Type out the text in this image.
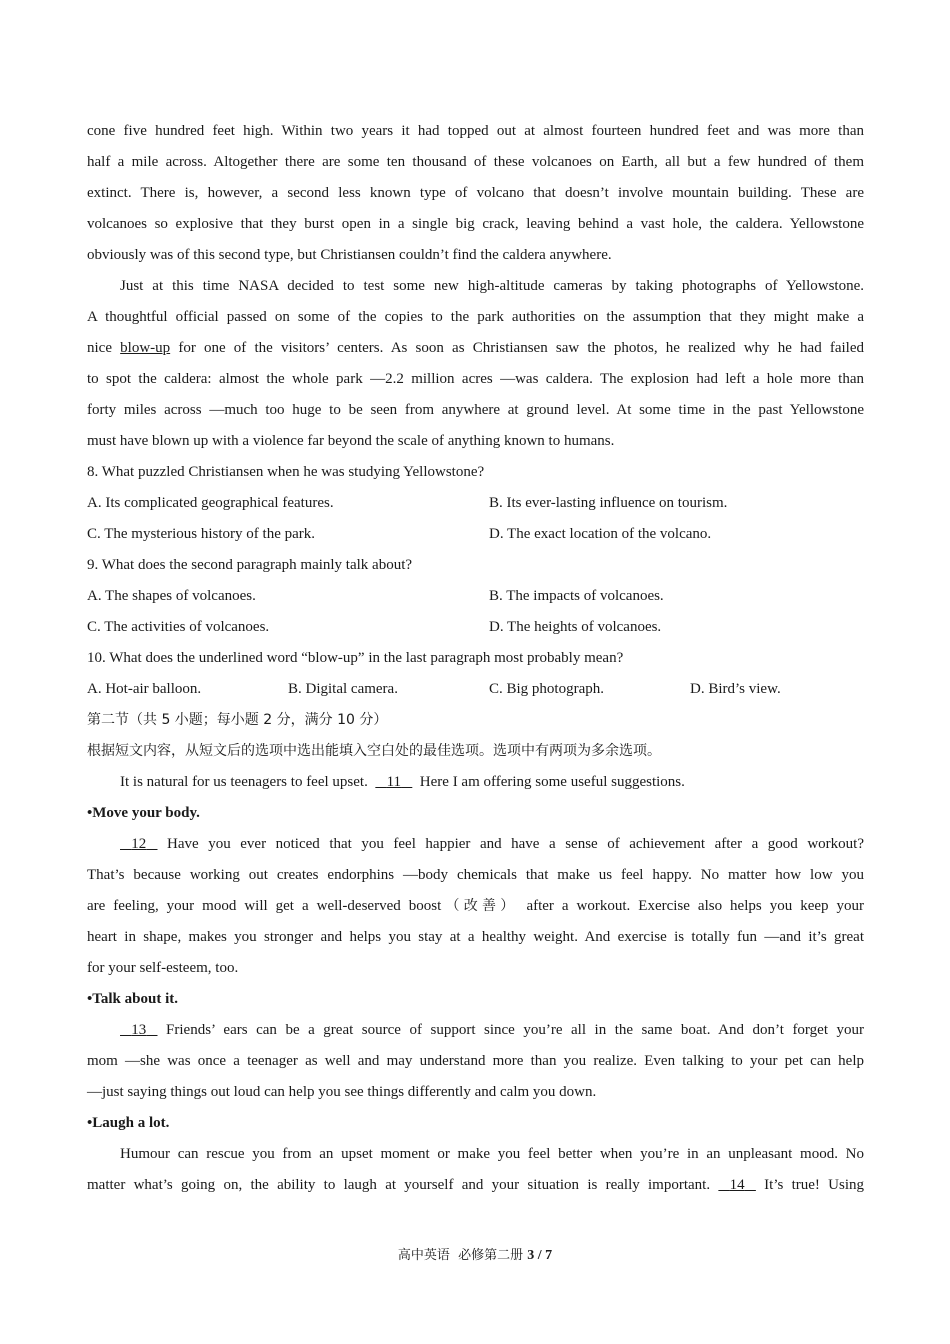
cone five hundred feet high. Within two years it had topped out at almost fourteen hundred feet and was more than
half a mile across. Altogether there are some ten thousand of these volcanoes on Earth, all but a few hundred of them
extinct. There is, however, a second less known type of volcano that doesn’t involve mountain building. These are
volcanoes so explosive that they burst open in a single big crack, leaving behind a vast hole, the caldera. Yellowstone
obviously was of this second type, but Christiansen couldn’t find the caldera anywhere.
Just at this time NASA decided to test some new high-altitude cameras by taking photographs of Yellowstone.
A thoughtful official passed on some of the copies to the park authorities on the assumption that they might make a
nice blow-up for one of the visitors’ centers. As soon as Christiansen saw the photos, he realized why he had failed
to spot the caldera: almost the whole park —2.2 million acres —was caldera. The explosion had left a hole more than
forty miles across —much too huge to be seen from anywhere at ground level. At some time in the past Yellowstone
must have blown up with a violence far beyond the scale of anything known to humans.
8. What puzzled Christiansen when he was studying Yellowstone?
A. Its complicated geographical features.	B. Its ever-lasting influence on tourism.
C. The mysterious history of the park.	D. The exact location of the volcano.
9. What does the second paragraph mainly talk about?
A. The shapes of volcanoes.	B. The impacts of volcanoes.
C. The activities of volcanoes.	D. The heights of volcanoes.
10. What does the underlined word “blow-up” in the last paragraph most probably mean?
A. Hot-air balloon.	B. Digital camera.	C. Big photograph.	D. Bird’s view.
第二节（共 5 小题；每小题 2 分，满分 10 分）
根据短文内容，从短文后的选项中选出能填入空白处的最佳选项。选项中有两项为多余选项。
It is natural for us teenagers to feel upset. 11 Here I am offering some useful suggestions.
•Move your body.
12 Have you ever noticed that you feel happier and have a sense of achievement after a good workout?
That’s because working out creates endorphins —body chemicals that make us feel happy. No matter how low you
are feeling, your mood will get a well-deserved boost（改善） after a workout. Exercise also helps you keep your
heart in shape, makes you stronger and helps you stay at a healthy weight. And exercise is totally fun —and it’s great
for your self-esteem, too.
•Talk about it.
13 Friends’ ears can be a great source of support since you’re all in the same boat. And don’t forget your
mom —she was once a teenager as well and may understand more than you realize. Even talking to your pet can help
—just saying things out loud can help you see things differently and calm you down.
•Laugh a lot.
Humour can rescue you from an upset moment or make you feel better when you’re in an unpleasant mood. No
matter what’s going on, the ability to laugh at yourself and your situation is really important. 14 It’s true! Using
高中英语  必修第二册 3 / 7
